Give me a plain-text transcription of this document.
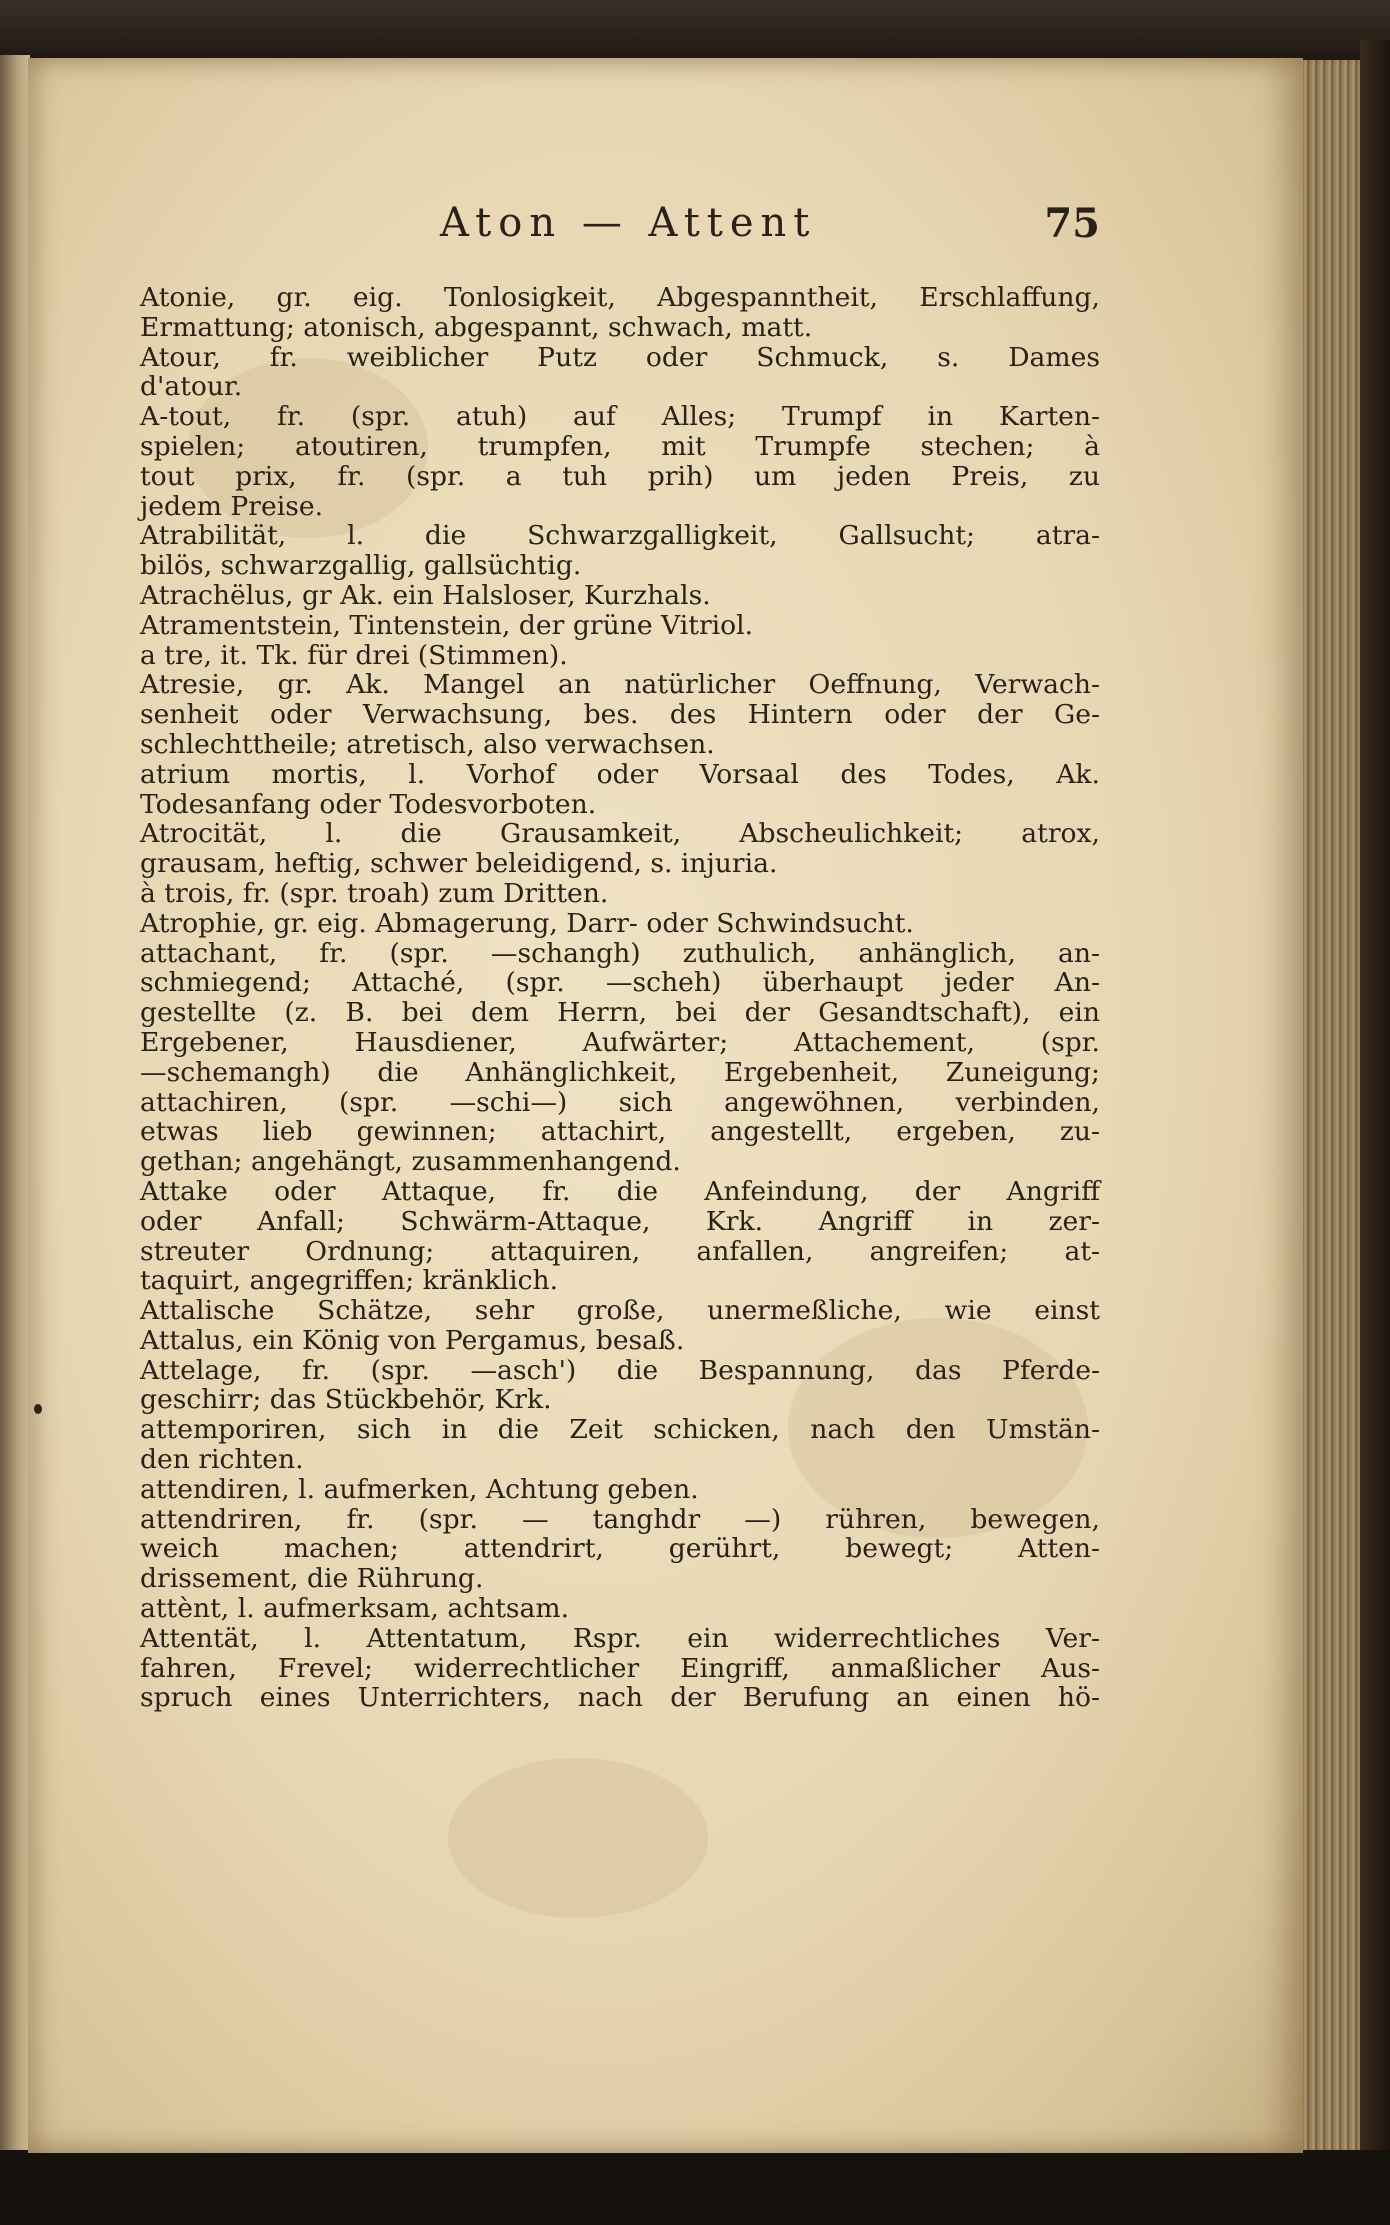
Aton — Attent	75
Atonie, gr. eig. Tonlosigkeit, Abgespanntheit, Erschlaffung,
Ermattung; atonisch, abgespannt, schwach, matt.
Atour, fr. weiblicher Putz oder Schmuck, s. Dames
d'atour.
A-tout, fr. (spr. atuh) auf Alles; Trumpf in Karten-
spielen; atoutiren, trumpfen, mit Trumpfe stechen; à
tout prix, fr. (spr. a tuh prih) um jeden Preis, zu
jedem Preise.
Atrabilität, l. die Schwarzgalligkeit, Gallsucht; atra-
bilös, schwarzgallig, gallsüchtig.
Atrachëlus, gr Ak. ein Halsloser, Kurzhals.
Atramentstein, Tintenstein, der grüne Vitriol.
a tre, it. Tk. für drei (Stimmen).
Atresie, gr. Ak. Mangel an natürlicher Oeffnung, Verwach-
senheit oder Verwachsung, bes. des Hintern oder der Ge-
schlechttheile; atretisch, also verwachsen.
atrium mortis, l. Vorhof oder Vorsaal des Todes, Ak.
Todesanfang oder Todesvorboten.
Atrocität, l. die Grausamkeit, Abscheulichkeit; atrox,
grausam, heftig, schwer beleidigend, s. injuria.
à trois, fr. (spr. troah) zum Dritten.
Atrophie, gr. eig. Abmagerung, Darr- oder Schwindsucht.
attachant, fr. (spr. —schangh) zuthulich, anhänglich, an-
schmiegend; Attaché, (spr. —scheh) überhaupt jeder An-
gestellte (z. B. bei dem Herrn, bei der Gesandtschaft), ein
Ergebener, Hausdiener, Aufwärter; Attachement, (spr.
—schemangh) die Anhänglichkeit, Ergebenheit, Zuneigung;
attachiren, (spr. —schi—) sich angewöhnen, verbinden,
etwas lieb gewinnen; attachirt, angestellt, ergeben, zu-
gethan; angehängt, zusammenhangend.
Attake oder Attaque, fr. die Anfeindung, der Angriff
oder Anfall; Schwärm-Attaque, Krk. Angriff in zer-
streuter Ordnung; attaquiren, anfallen, angreifen; at-
taquirt, angegriffen; kränklich.
Attalische Schätze, sehr große, unermeßliche, wie einst
Attalus, ein König von Pergamus, besaß.
Attelage, fr. (spr. —asch') die Bespannung, das Pferde-
geschirr; das Stückbehör, Krk.
attemporiren, sich in die Zeit schicken, nach den Umstän-
den richten.
attendiren, l. aufmerken, Achtung geben.
attendriren, fr. (spr. — tanghdr —) rühren, bewegen,
weich machen; attendrirt, gerührt, bewegt; Atten-
drissement, die Rührung.
attènt, l. aufmerksam, achtsam.
Attentät, l. Attentatum, Rspr. ein widerrechtliches Ver-
fahren, Frevel; widerrechtlicher Eingriff, anmaßlicher Aus-
spruch eines Unterrichters, nach der Berufung an einen hö-
